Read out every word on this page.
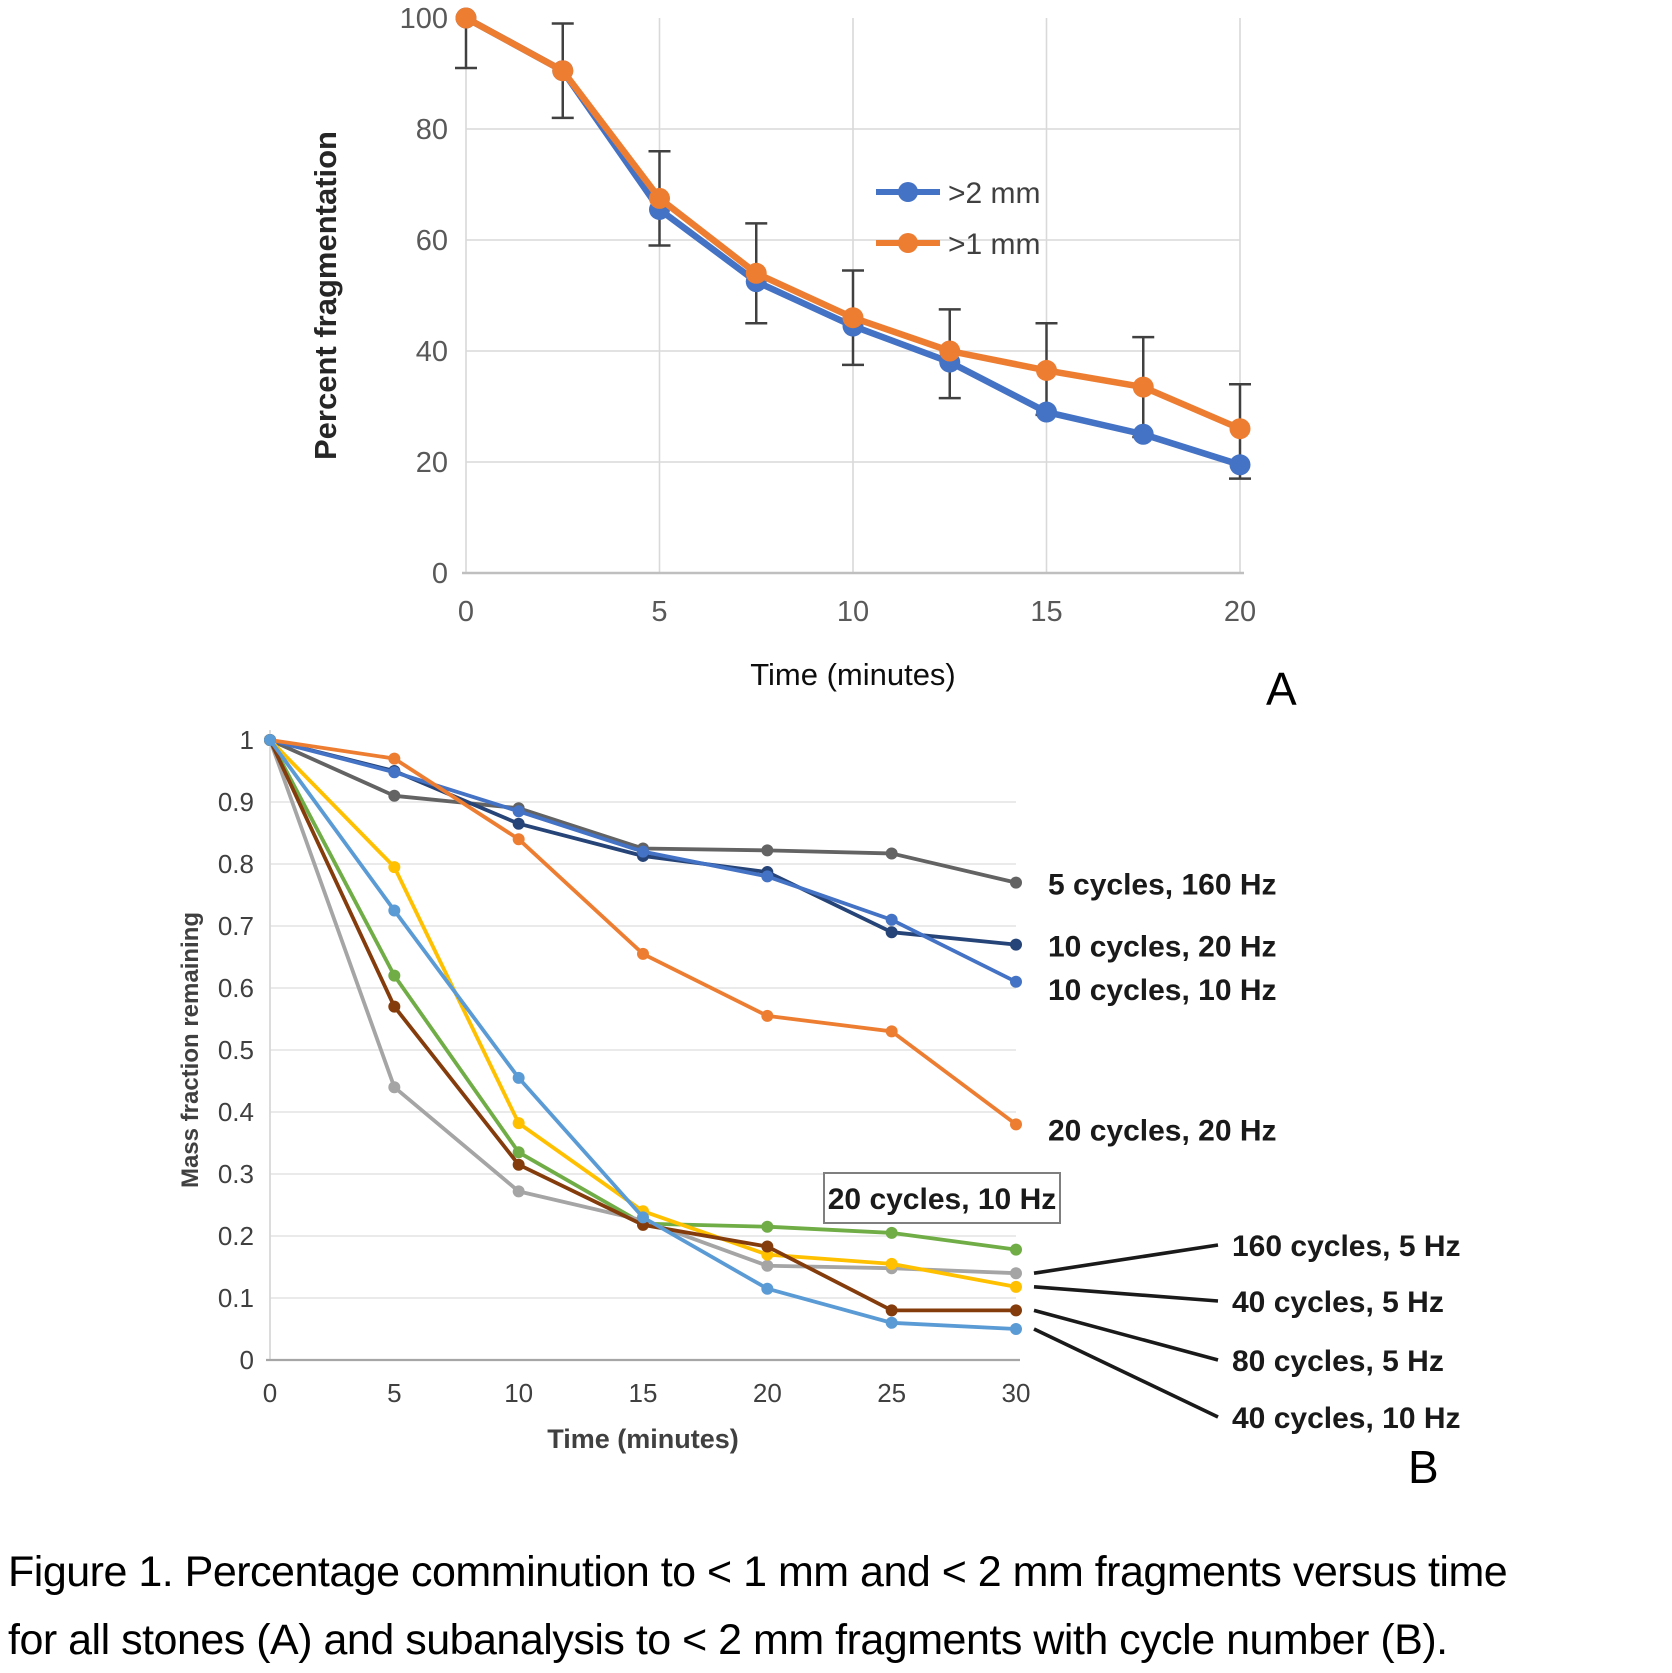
0
20
40
60
80
100
0	5	10	15	20
Percent fragmentation
Time (minutes)
>2 mm
>1 mm
0
0.1
0.2
0.3
0.4
0.5
0.6
0.7
0.8
0.9
1
0	5	10	15	20	25	30
Mass fraction remaining
Time (minutes)
5 cycles, 160 Hz
10 cycles, 20 Hz
10 cycles, 10 Hz
20 cycles, 20 Hz
20 cycles, 10 Hz
160 cycles, 5 Hz
40 cycles, 5 Hz
80 cycles, 5 Hz
40 cycles, 10 Hz
A
B
Figure 1. Percentage comminution to < 1 mm and < 2 mm fragments versus time
for all stones (A) and subanalysis to < 2 mm fragments with cycle number (B).
